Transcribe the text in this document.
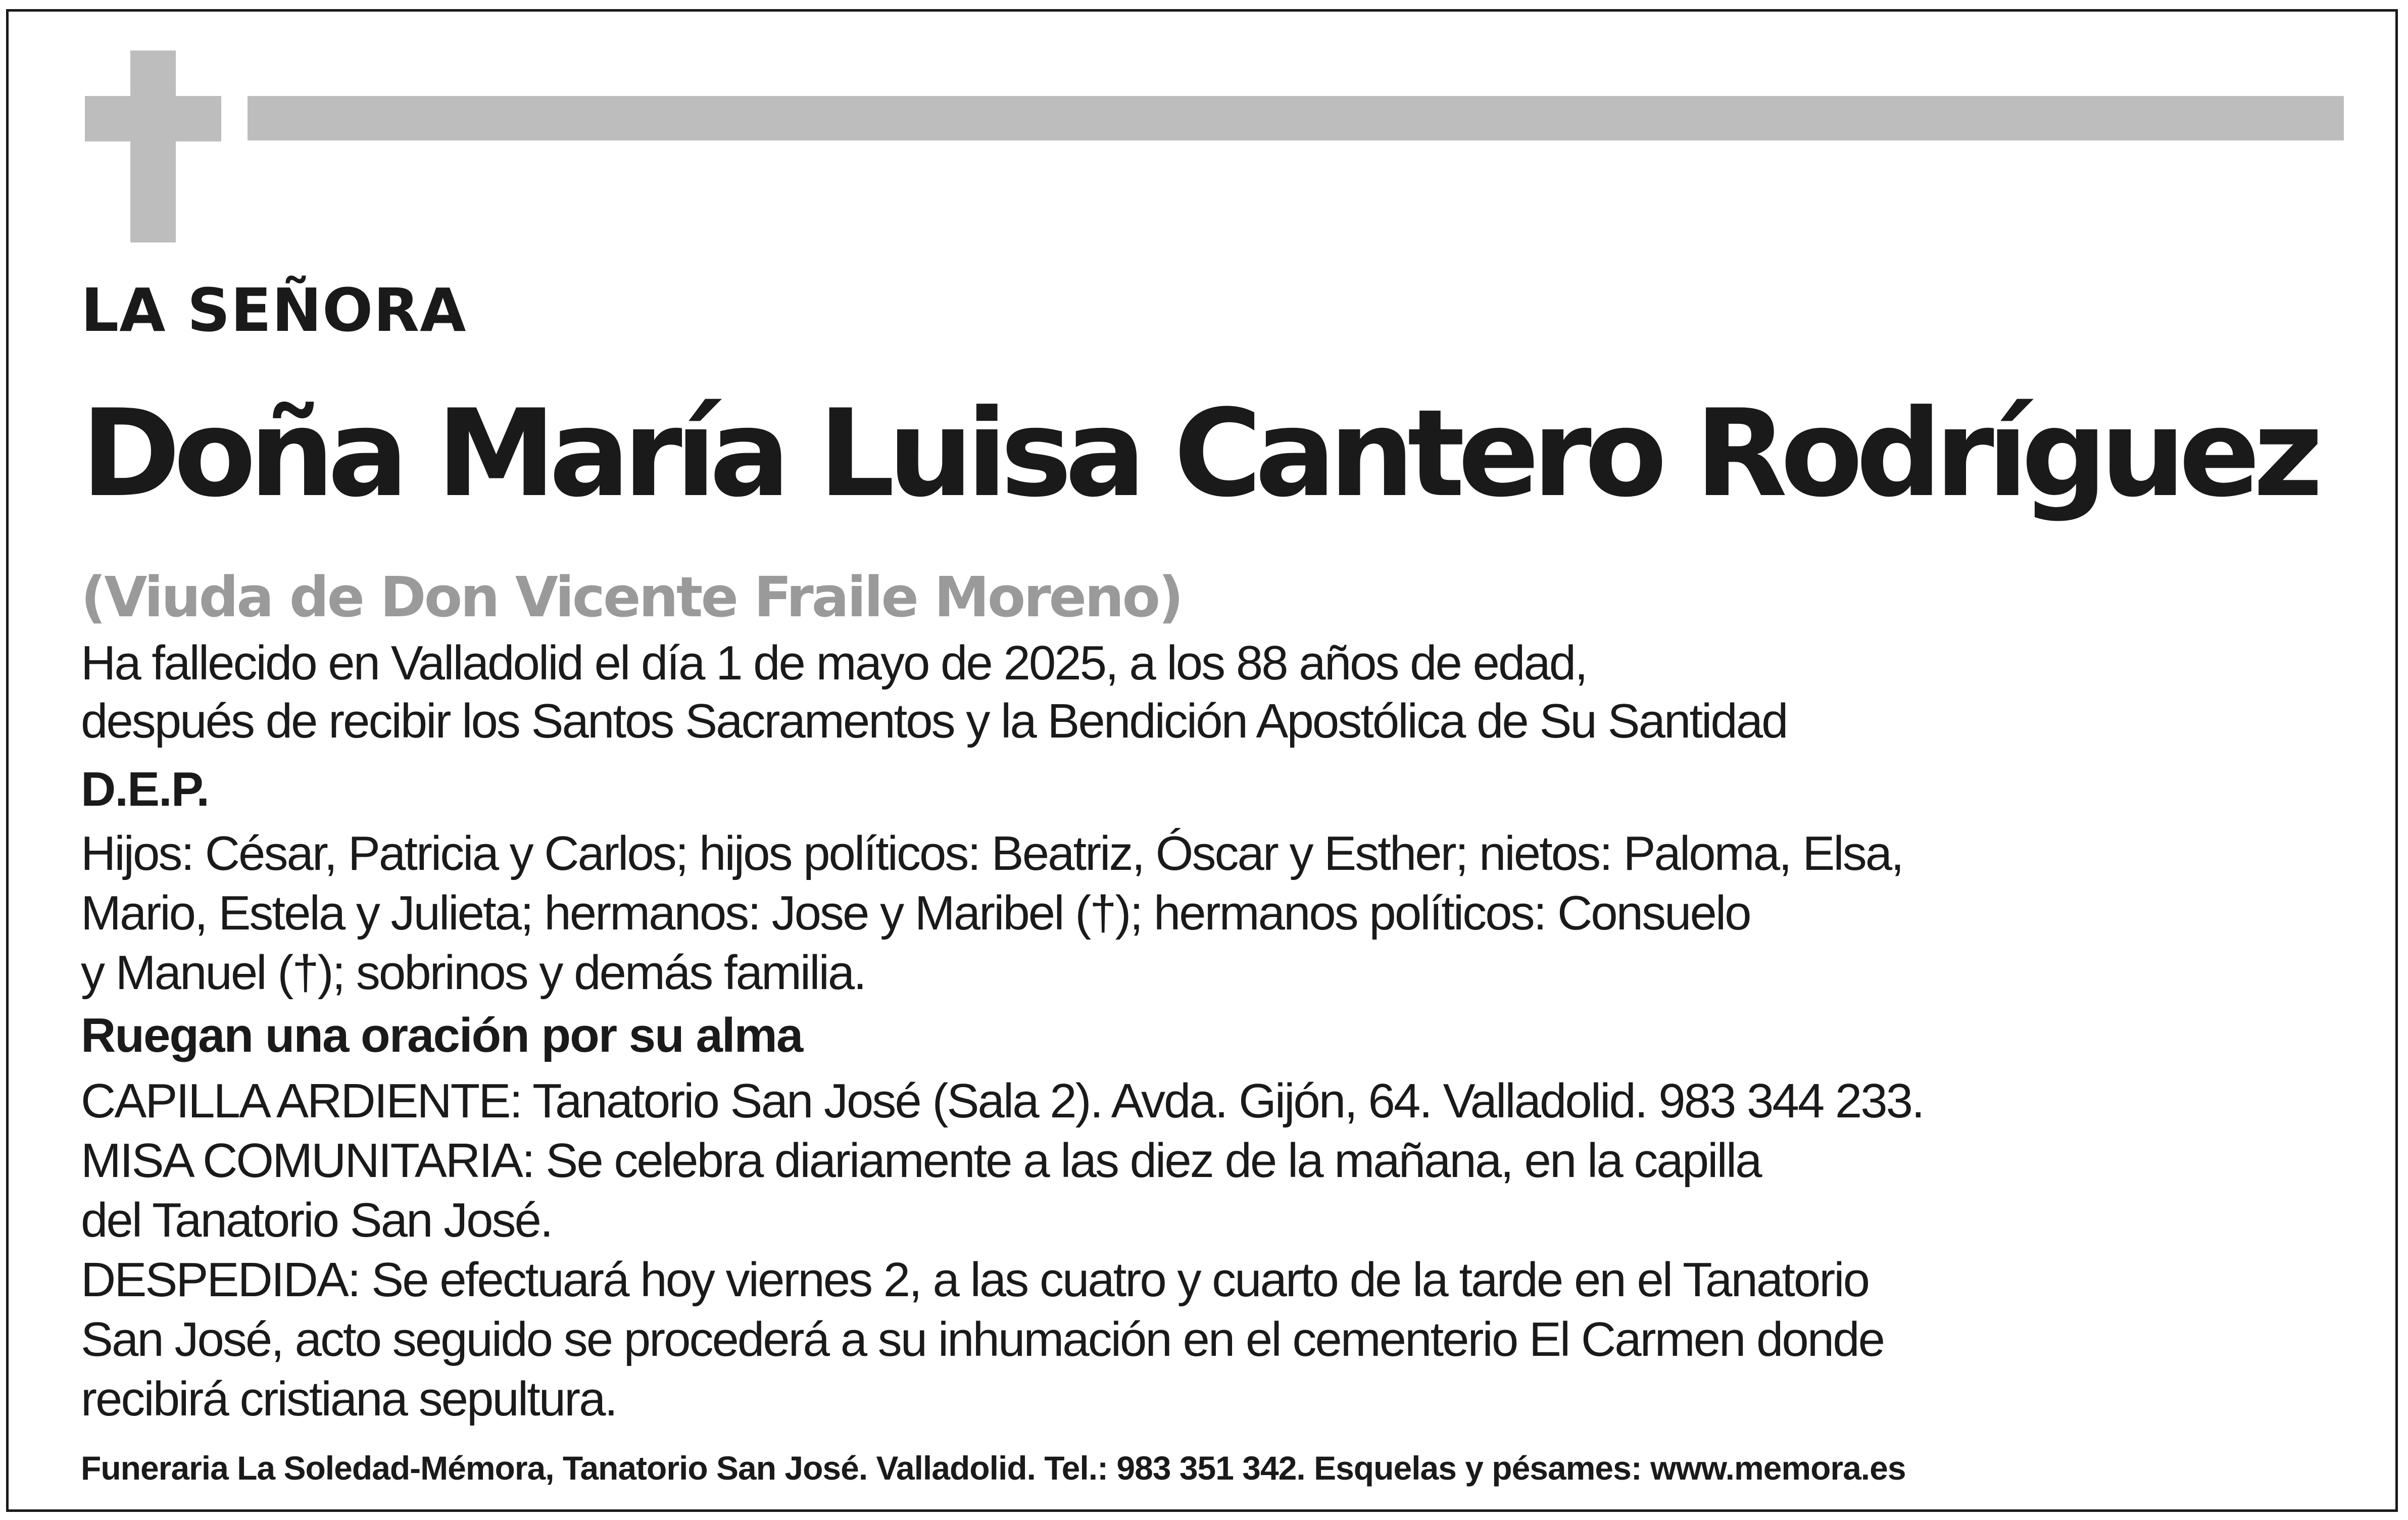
LA SEÑORA

Doña María Luisa Cantero Rodríguez

(Viuda de Don Vicente Fraile Moreno)

Ha fallecido en Valladolid el día 1 de mayo de 2025, a los 88 años de edad,

después de recibir los Santos Sacramentos y la Bendición Apostólica de Su Santidad

D.E.P.

Hijos: César, Patricia y Carlos; hijos políticos: Beatriz, Óscar y Esther; nietos: Paloma, Elsa,

Mario, Estela y Julieta; hermanos: Jose y Maribel (†); hermanos políticos: Consuelo

y Manuel (†); sobrinos y demás familia.

Ruegan una oración por su alma

CAPILLA ARDIENTE: Tanatorio San José (Sala 2). Avda. Gijón, 64. Valladolid. 983 344 233.

MISA COMUNITARIA: Se celebra diariamente a las diez de la mañana, en la capilla

del Tanatorio San José.

DESPEDIDA: Se efectuará hoy viernes 2, a las cuatro y cuarto de la tarde en el Tanatorio

San José, acto seguido se procederá a su inhumación en el cementerio El Carmen donde

recibirá cristiana sepultura.

Funeraria La Soledad-Mémora, Tanatorio San José. Valladolid. Tel.: 983 351 342. Esquelas y pésames: www.memora.es
